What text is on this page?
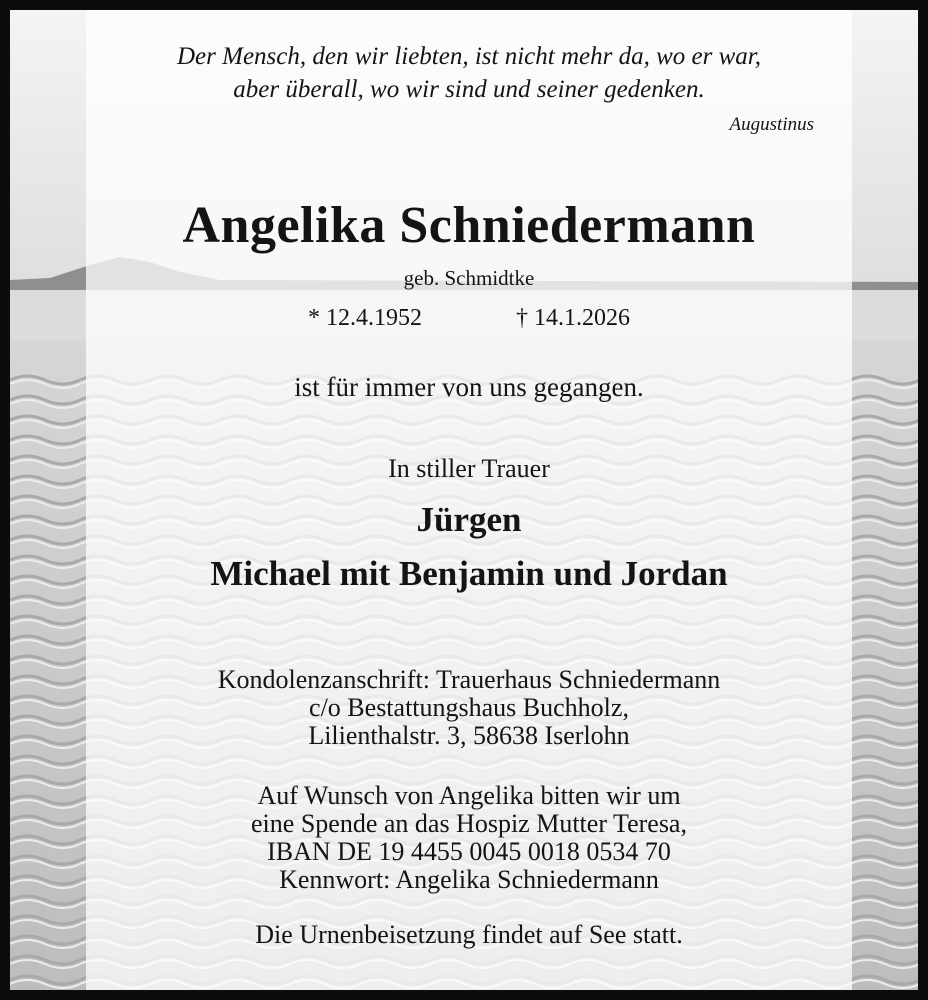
Der Mensch, den wir liebten, ist nicht mehr da, wo er war,
aber überall, wo wir sind und seiner gedenken.
Augustinus
Angelika Schniedermann
geb. Schmidtke
* 12.4.1952	† 14.1.2026
ist für immer von uns gegangen.
In stiller Trauer
Jürgen
Michael mit Benjamin und Jordan
Kondolenzanschrift: Trauerhaus Schniedermann
c/o Bestattungshaus Buchholz,
Lilienthalstr. 3, 58638 Iserlohn
Auf Wunsch von Angelika bitten wir um
eine Spende an das Hospiz Mutter Teresa,
IBAN DE 19 4455 0045 0018 0534 70
Kennwort: Angelika Schniedermann
Die Urnenbeisetzung findet auf See statt.
